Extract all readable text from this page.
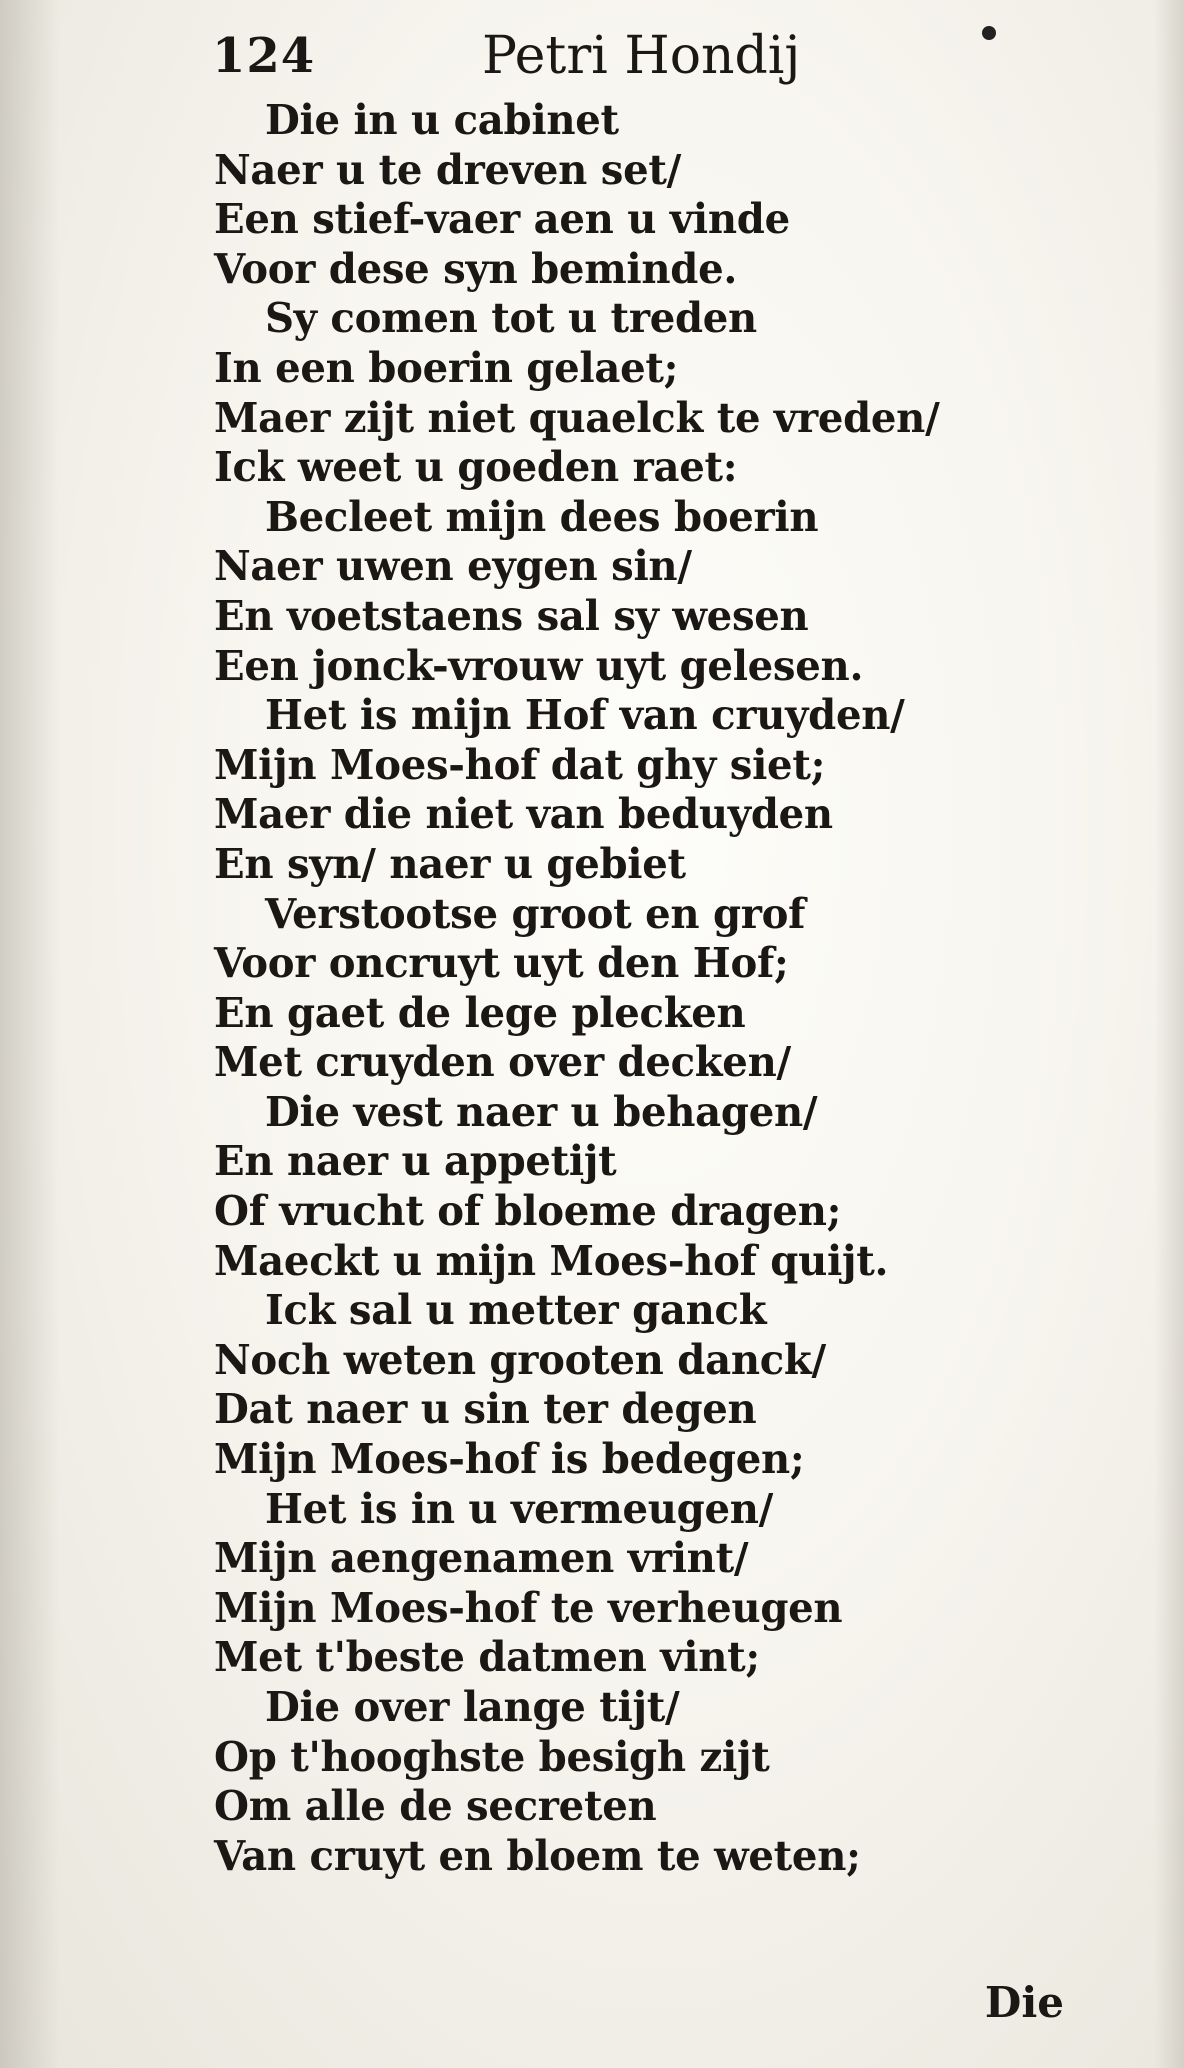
124	Petri Hondij
Die in u cabinet
Naer u te dreven set/
Een stief-vaer aen u vinde
Voor dese syn beminde.
Sy comen tot u treden
In een boerin gelaet;
Maer zijt niet quaelck te vreden/
Ick weet u goeden raet:
Becleet mijn dees boerin
Naer uwen eygen sin/
En voetstaens sal sy wesen
Een jonck-vrouw uyt gelesen.
Het is mijn Hof van cruyden/
Mijn Moes-hof dat ghy siet;
Maer die niet van beduyden
En syn/ naer u gebiet
Verstootse groot en grof
Voor oncruyt uyt den Hof;
En gaet de lege plecken
Met cruyden over decken/
Die vest naer u behagen/
En naer u appetijt
Of vrucht of bloeme dragen;
Maeckt u mijn Moes-hof quijt.
Ick sal u metter ganck
Noch weten grooten danck/
Dat naer u sin ter degen
Mijn Moes-hof is bedegen;
Het is in u vermeugen/
Mijn aengenamen vrint/
Mijn Moes-hof te verheugen
Met t'beste datmen vint;
Die over lange tijt/
Op t'hooghste besigh zijt
Om alle de secreten
Van cruyt en bloem te weten;
Die
